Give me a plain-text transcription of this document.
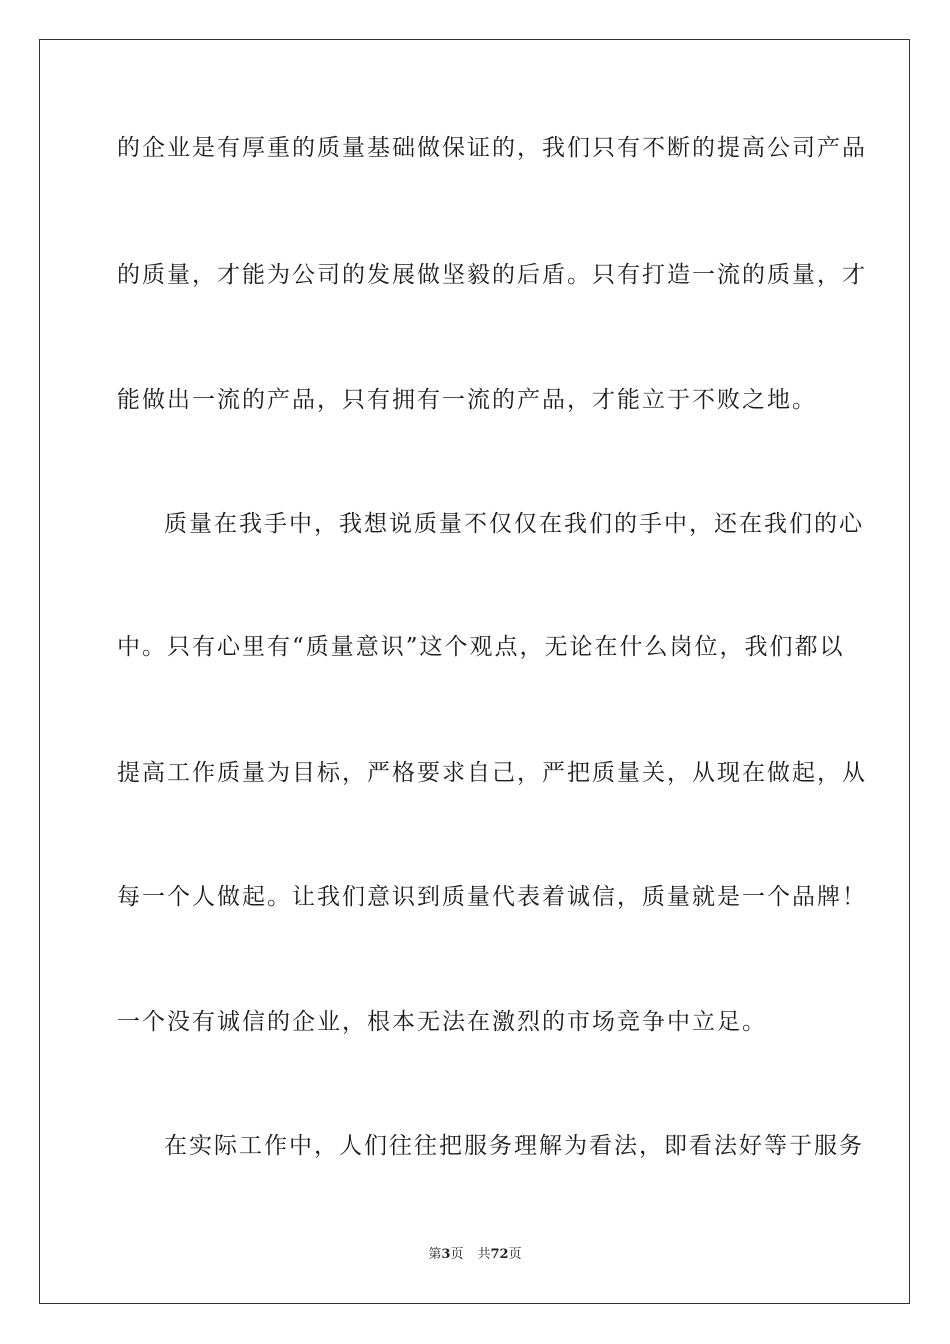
的企业是有厚重的质量基础做保证的，我们只有不断的提高公司产品
的质量，才能为公司的发展做坚毅的后盾。只有打造一流的质量，才
能做出一流的产品，只有拥有一流的产品，才能立于不败之地。
质量在我手中，我想说质量不仅仅在我们的手中，还在我们的心
中。只有心里有“质量意识”这个观点，无论在什么岗位，我们都以
提高工作质量为目标，严格要求自己，严把质量关，从现在做起，从
每一个人做起。让我们意识到质量代表着诚信，质量就是一个品牌！
一个没有诚信的企业，根本无法在激烈的市场竞争中立足。
在实际工作中，人们往往把服务理解为看法，即看法好等于服务
第3页 共72页
